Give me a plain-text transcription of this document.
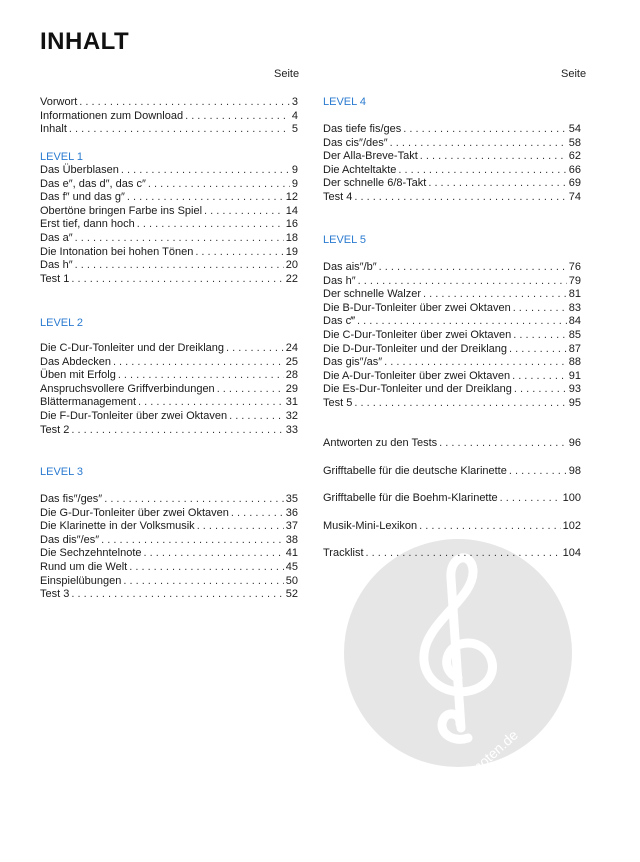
INHALT
Seite	Seite
Vorwort . . .	3
Informationen zum Download . . .	4
Inhalt . . .	5
LEVEL 1
Das Überblasen . . .	9
Das e″, das d″, das c″ . . .	9
Das f″ und das g″ . . .	12
Obertöne bringen Farbe ins Spiel . . .	14
Erst tief, dann hoch . . .	16
Das a″ . . .	18
Die Intonation bei hohen Tönen . . .	19
Das h″ . . .	20
Test 1 . . .	22
LEVEL 2
Die C-Dur-Tonleiter und der Dreiklang . . .	24
Das Abdecken . . .	25
Üben mit Erfolg . . .	28
Anspruchsvollere Griffverbindungen . . .	29
Blättermanagement . . .	31
Die F-Dur-Tonleiter über zwei Oktaven . . .	32
Test 2 . . .	33
LEVEL 3
Das fis″/ges″ . . .	35
Die G-Dur-Tonleiter über zwei Oktaven . . .	36
Die Klarinette in der Volksmusik . . .	37
Das dis″/es″ . . .	38
Die Sechzehntelnote . . .	41
Rund um die Welt . . .	45
Einspielübungen . . .	50
Test 3 . . .	52
LEVEL 4
Das tiefe fis/ges . . .	54
Das cis″/des″ . . .	58
Der Alla-Breve-Takt . . .	62
Die Achteltakte . . .	66
Der schnelle 6/8-Takt . . .	69
Test 4 . . .	74
LEVEL 5
Das ais″/b″ . . .	76
Das h″ . . .	79
Der schnelle Walzer . . .	81
Die B-Dur-Tonleiter über zwei Oktaven . . .	83
Das c‴ . . .	84
Die C-Dur-Tonleiter über zwei Oktaven . . .	85
Die D-Dur-Tonleiter und der Dreiklang . . .	87
Das gis″/as″ . . .	88
Die A-Dur-Tonleiter über zwei Oktaven . . .	91
Die Es-Dur-Tonleiter und der Dreiklang . . .	93
Test 5 . . .	95
Antworten zu den Tests . . .	96
Grifftabelle für die deutsche Klarinette . . .	98
Grifftabelle für die Boehm-Klarinette . . .	100
Musik-Mini-Lexikon . . .	102
Tracklist . . .	104
